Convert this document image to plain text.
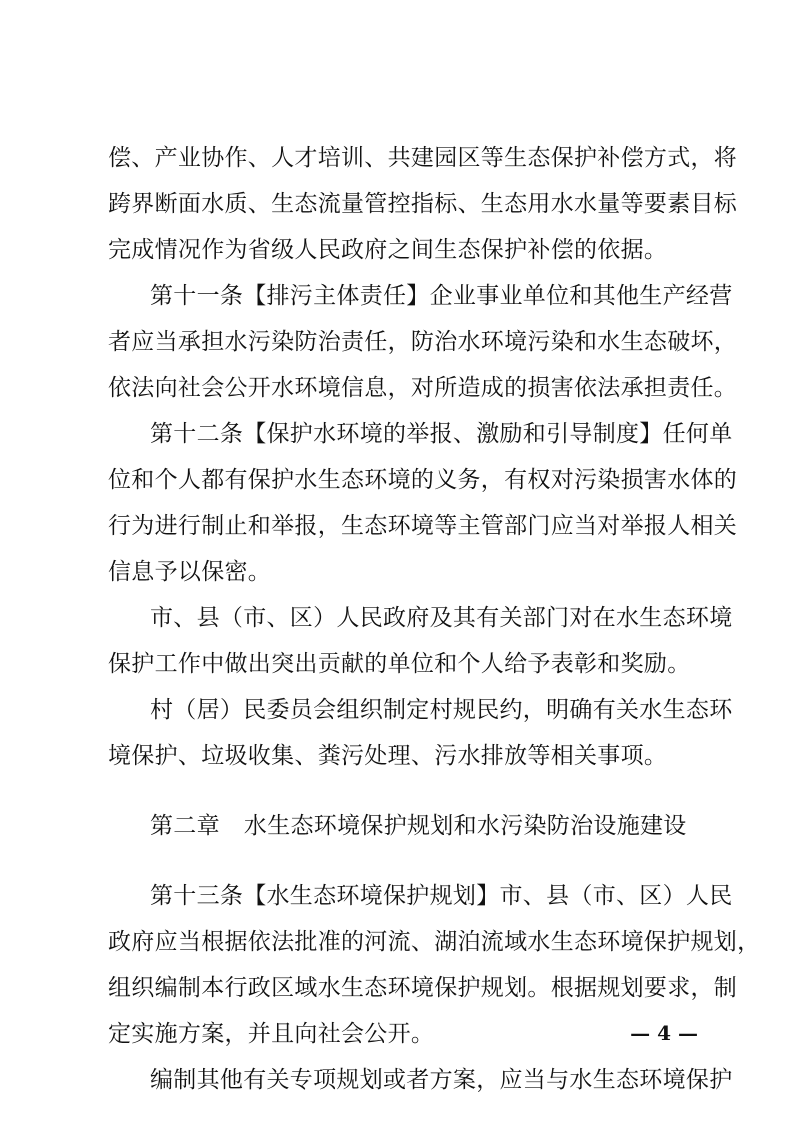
偿、产业协作、人才培训、共建园区等生态保护补偿方式，将
跨界断面水质、生态流量管控指标、生态用水水量等要素目标
完成情况作为省级人民政府之间生态保护补偿的依据。
第十一条【排污主体责任】企业事业单位和其他生产经营
者应当承担水污染防治责任，防治水环境污染和水生态破坏，
依法向社会公开水环境信息，对所造成的损害依法承担责任。
第十二条【保护水环境的举报、激励和引导制度】任何单
位和个人都有保护水生态环境的义务，有权对污染损害水体的
行为进行制止和举报，生态环境等主管部门应当对举报人相关
信息予以保密。
市、县（市、区）人民政府及其有关部门对在水生态环境
保护工作中做出突出贡献的单位和个人给予表彰和奖励。
村（居）民委员会组织制定村规民约，明确有关水生态环
境保护、垃圾收集、粪污处理、污水排放等相关事项。
第二章 水生态环境保护规划和水污染防治设施建设
第十三条【水生态环境保护规划】市、县（市、区）人民
政府应当根据依法批准的河流、湖泊流域水生态环境保护规划，
组织编制本行政区域水生态环境保护规划。根据规划要求，制
定实施方案，并且向社会公开。
编制其他有关专项规划或者方案，应当与水生态环境保护
— 4 —
